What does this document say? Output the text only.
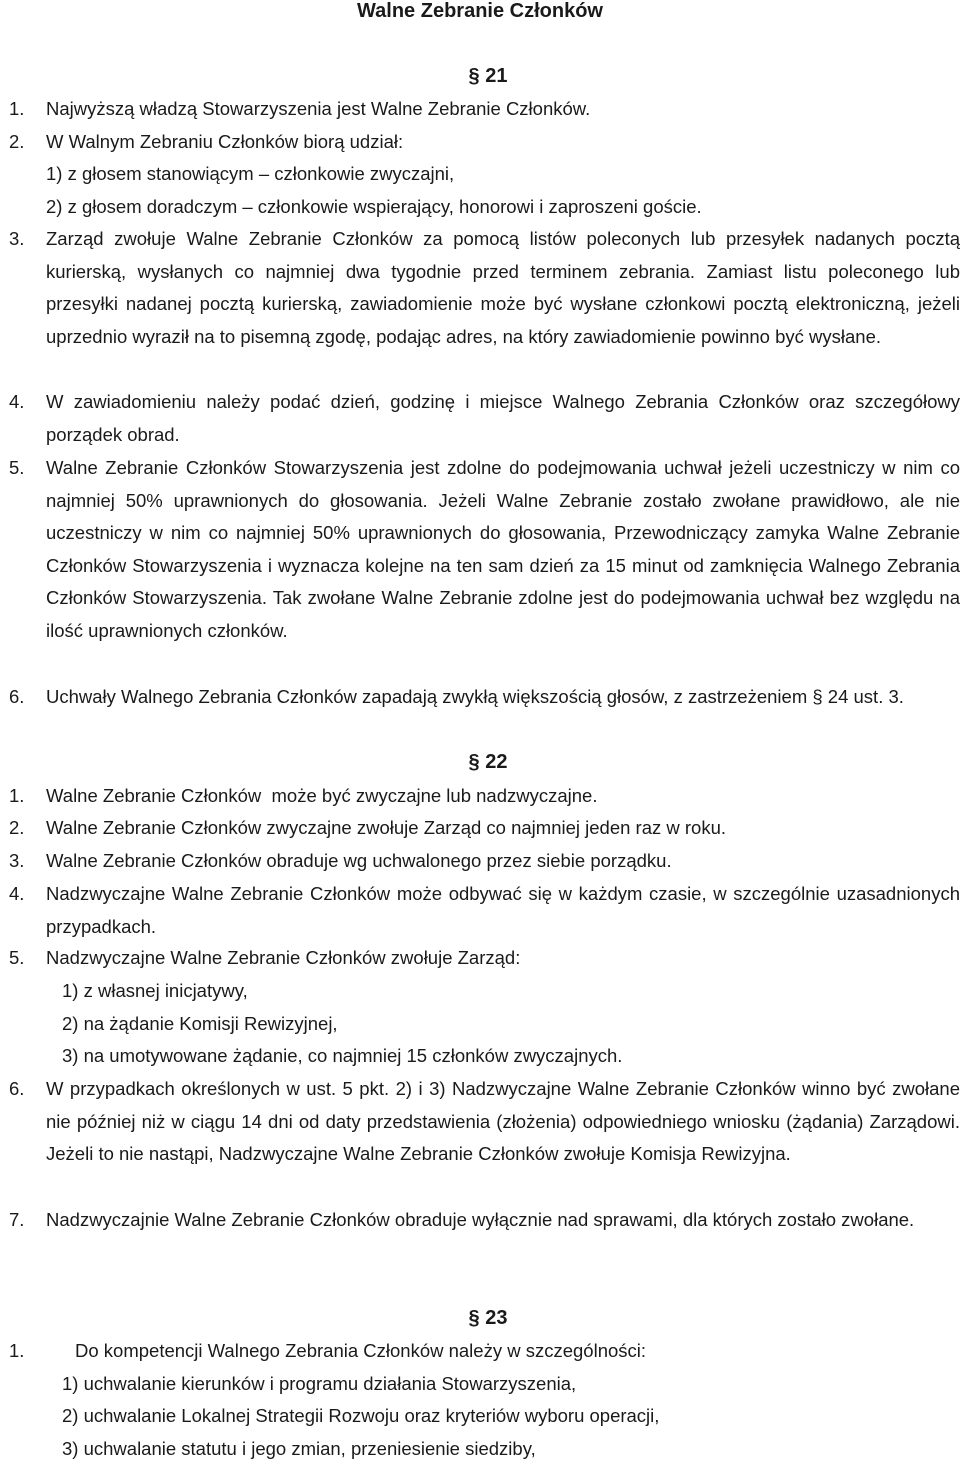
Walne Zebranie Członków
§ 21
1. Najwyższą władzą Stowarzyszenia jest Walne Zebranie Członków.
2. W Walnym Zebraniu Członków biorą udział:
1) z głosem stanowiącym – członkowie zwyczajni,
2) z głosem doradczym – członkowie wspierający, honorowi i zaproszeni goście.
3. Zarząd zwołuje Walne Zebranie Członków za pomocą listów poleconych lub przesyłek nadanych pocztą kurierską, wysłanych co najmniej dwa tygodnie przed terminem zebrania. Zamiast listu poleconego lub przesyłki nadanej pocztą kurierską, zawiadomienie może być wysłane członkowi pocztą elektroniczną, jeżeli uprzednio wyraził na to pisemną zgodę, podając adres, na który zawiadomienie powinno być wysłane.
4. W zawiadomieniu należy podać dzień, godzinę i miejsce Walnego Zebrania Członków oraz szczegółowy porządek obrad.
5. Walne Zebranie Członków Stowarzyszenia jest zdolne do podejmowania uchwał jeżeli uczestniczy w nim co najmniej 50% uprawnionych do głosowania. Jeżeli Walne Zebranie zostało zwołane prawidłowo, ale nie uczestniczy w nim co najmniej 50% uprawnionych do głosowania, Przewodniczący zamyka Walne Zebranie Członków Stowarzyszenia i wyznacza kolejne na ten sam dzień za 15 minut od zamknięcia Walnego Zebrania Członków Stowarzyszenia. Tak zwołane Walne Zebranie zdolne jest do podejmowania uchwał bez względu na ilość uprawnionych członków.
6. Uchwały Walnego Zebrania Członków zapadają zwykłą większością głosów, z zastrzeżeniem § 24 ust. 3.
§ 22
1. Walne Zebranie Członków  może być zwyczajne lub nadzwyczajne.
2. Walne Zebranie Członków zwyczajne zwołuje Zarząd co najmniej jeden raz w roku.
3. Walne Zebranie Członków obraduje wg uchwalonego przez siebie porządku.
4. Nadzwyczajne Walne Zebranie Członków może odbywać się w każdym czasie, w szczególnie uzasadnionych przypadkach.
5. Nadzwyczajne Walne Zebranie Członków zwołuje Zarząd:
1) z własnej inicjatywy,
2) na żądanie Komisji Rewizyjnej,
3) na umotywowane żądanie, co najmniej 15 członków zwyczajnych.
6. W przypadkach określonych w ust. 5 pkt. 2) i 3) Nadzwyczajne Walne Zebranie Członków winno być zwołane nie później niż w ciągu 14 dni od daty przedstawienia (złożenia) odpowiedniego wniosku (żądania) Zarządowi. Jeżeli to nie nastąpi, Nadzwyczajne Walne Zebranie Członków zwołuje Komisja Rewizyjna.
7. Nadzwyczajnie Walne Zebranie Członków obraduje wyłącznie nad sprawami, dla których zostało zwołane.
§ 23
1.	Do kompetencji Walnego Zebrania Członków należy w szczególności:
1) uchwalanie kierunków i programu działania Stowarzyszenia,
2) uchwalanie Lokalnej Strategii Rozwoju oraz kryteriów wyboru operacji,
3) uchwalanie statutu i jego zmian, przeniesienie siedziby,
